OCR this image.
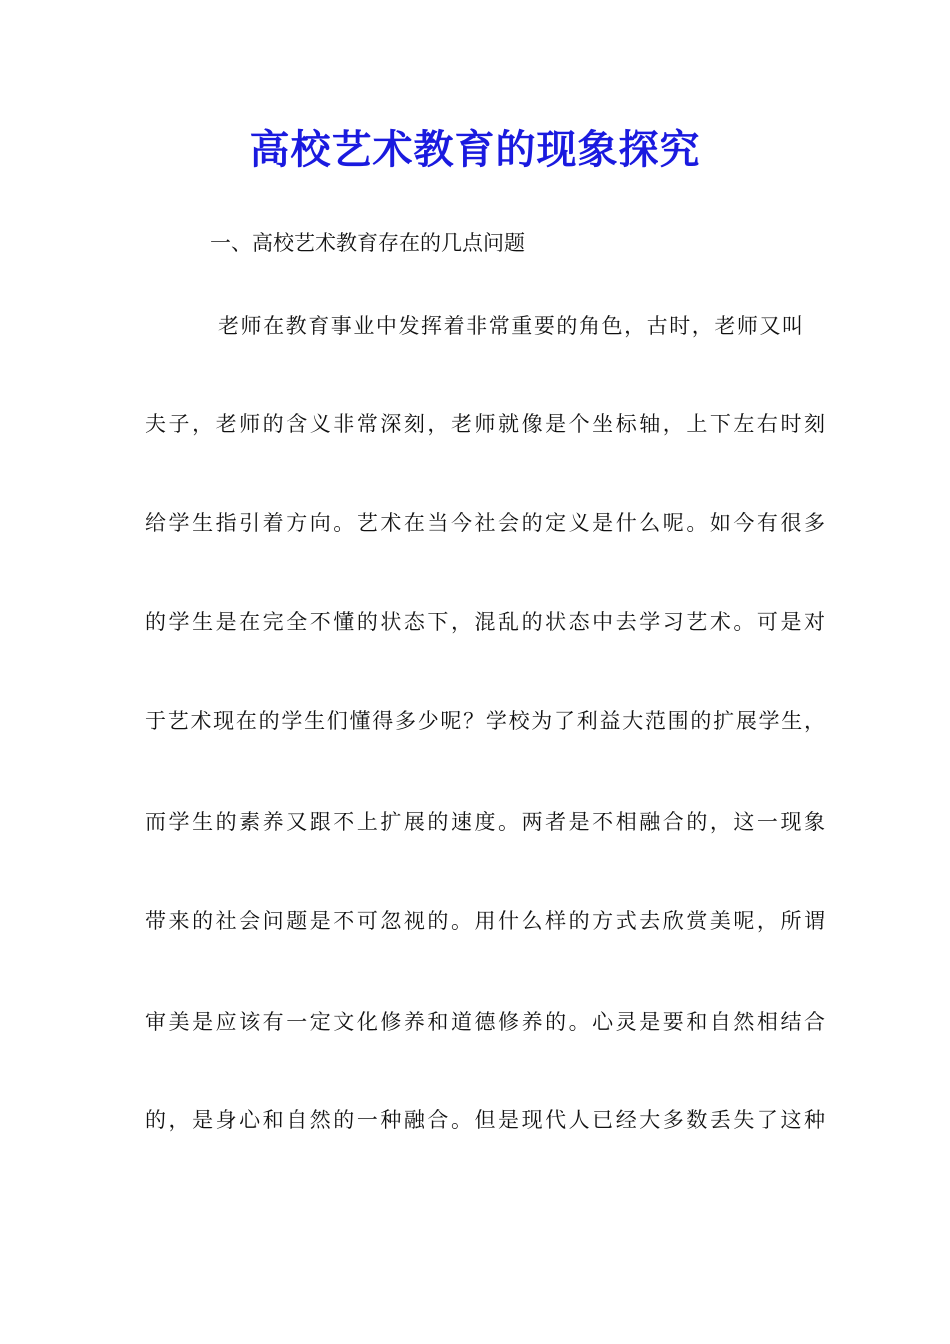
高校艺术教育的现象探究
一、高校艺术教育存在的几点问题
老师在教育事业中发挥着非常重要的角色，古时，老师又叫
夫子，老师的含义非常深刻，老师就像是个坐标轴，上下左右时刻
给学生指引着方向。艺术在当今社会的定义是什么呢。如今有很多
的学生是在完全不懂的状态下，混乱的状态中去学习艺术。可是对
于艺术现在的学生们懂得多少呢？学校为了利益大范围的扩展学生，
而学生的素养又跟不上扩展的速度。两者是不相融合的，这一现象
带来的社会问题是不可忽视的。用什么样的方式去欣赏美呢，所谓
审美是应该有一定文化修养和道德修养的。心灵是要和自然相结合
的，是身心和自然的一种融合。但是现代人已经大多数丢失了这种
